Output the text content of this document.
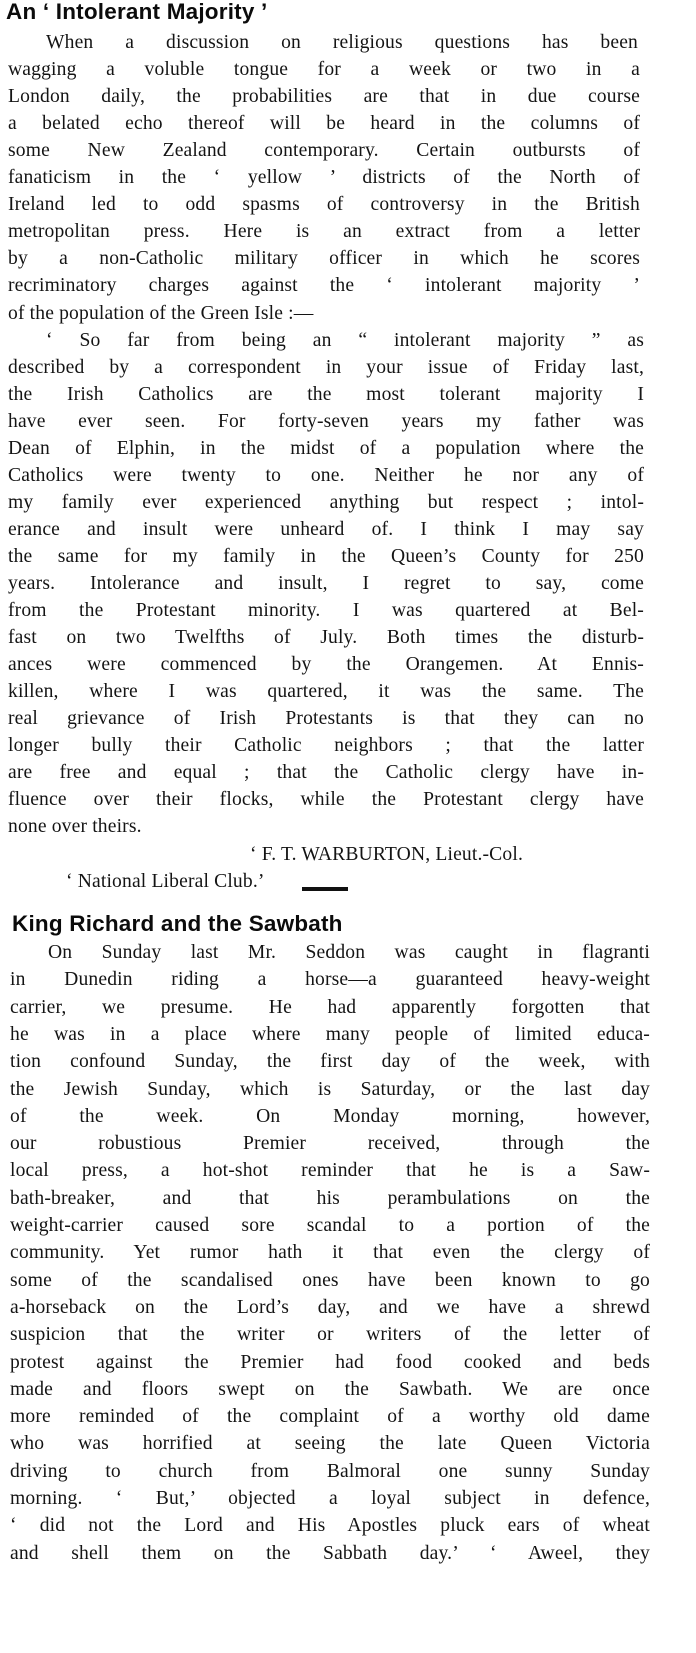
An ‘ Intolerant Majority ’
When a discussion on religious questions has been
wagging a voluble tongue for a week or two in a
London daily, the probabilities are that in due course
a belated echo thereof will be heard in the columns of
some New Zealand contemporary. Certain outbursts of
fanaticism in the ‘ yellow ’ districts of the North of
Ireland led to odd spasms of controversy in the British
metropolitan press. Here is an extract from a letter
by a non-Catholic military officer in which he scores
recriminatory charges against the ‘ intolerant majority ’
of the population of the Green Isle :—
‘ So far from being an “ intolerant majority ” as
described by a correspondent in your issue of Friday last,
the Irish Catholics are the most tolerant majority I
have ever seen. For forty-seven years my father was
Dean of Elphin, in the midst of a population where the
Catholics were twenty to one. Neither he nor any of
my family ever experienced anything but respect ; intol-
erance and insult were unheard of. I think I may say
the same for my family in the Queen’s County for 250
years. Intolerance and insult, I regret to say, come
from the Protestant minority. I was quartered at Bel-
fast on two Twelfths of July. Both times the disturb-
ances were commenced by the Orangemen. At Ennis-
killen, where I was quartered, it was the same. The
real grievance of Irish Protestants is that they can no
longer bully their Catholic neighbors ; that the latter
are free and equal ; that the Catholic clergy have in-
fluence over their flocks, while the Protestant clergy have
none over theirs.
‘ F. T. WARBURTON, Lieut.-Col.
‘ National Liberal Club.’
King Richard and the Sawbath
On Sunday last Mr. Seddon was caught in flagranti
in Dunedin riding a horse—a guaranteed heavy-weight
carrier, we presume. He had apparently forgotten that
he was in a place where many people of limited educa-
tion confound Sunday, the first day of the week, with
the Jewish Sunday, which is Saturday, or the last day
of the week. On Monday morning, however,
our robustious Premier received, through the
local press, a hot-shot reminder that he is a Saw-
bath-breaker, and that his perambulations on the
weight-carrier caused sore scandal to a portion of the
community. Yet rumor hath it that even the clergy of
some of the scandalised ones have been known to go
a-horseback on the Lord’s day, and we have a shrewd
suspicion that the writer or writers of the letter of
protest against the Premier had food cooked and beds
made and floors swept on the Sawbath. We are once
more reminded of the complaint of a worthy old dame
who was horrified at seeing the late Queen Victoria
driving to church from Balmoral one sunny Sunday
morning. ‘ But,’ objected a loyal subject in defence,
‘ did not the Lord and His Apostles pluck ears of wheat
and shell them on the Sabbath day.’ ‘ Aweel, they
